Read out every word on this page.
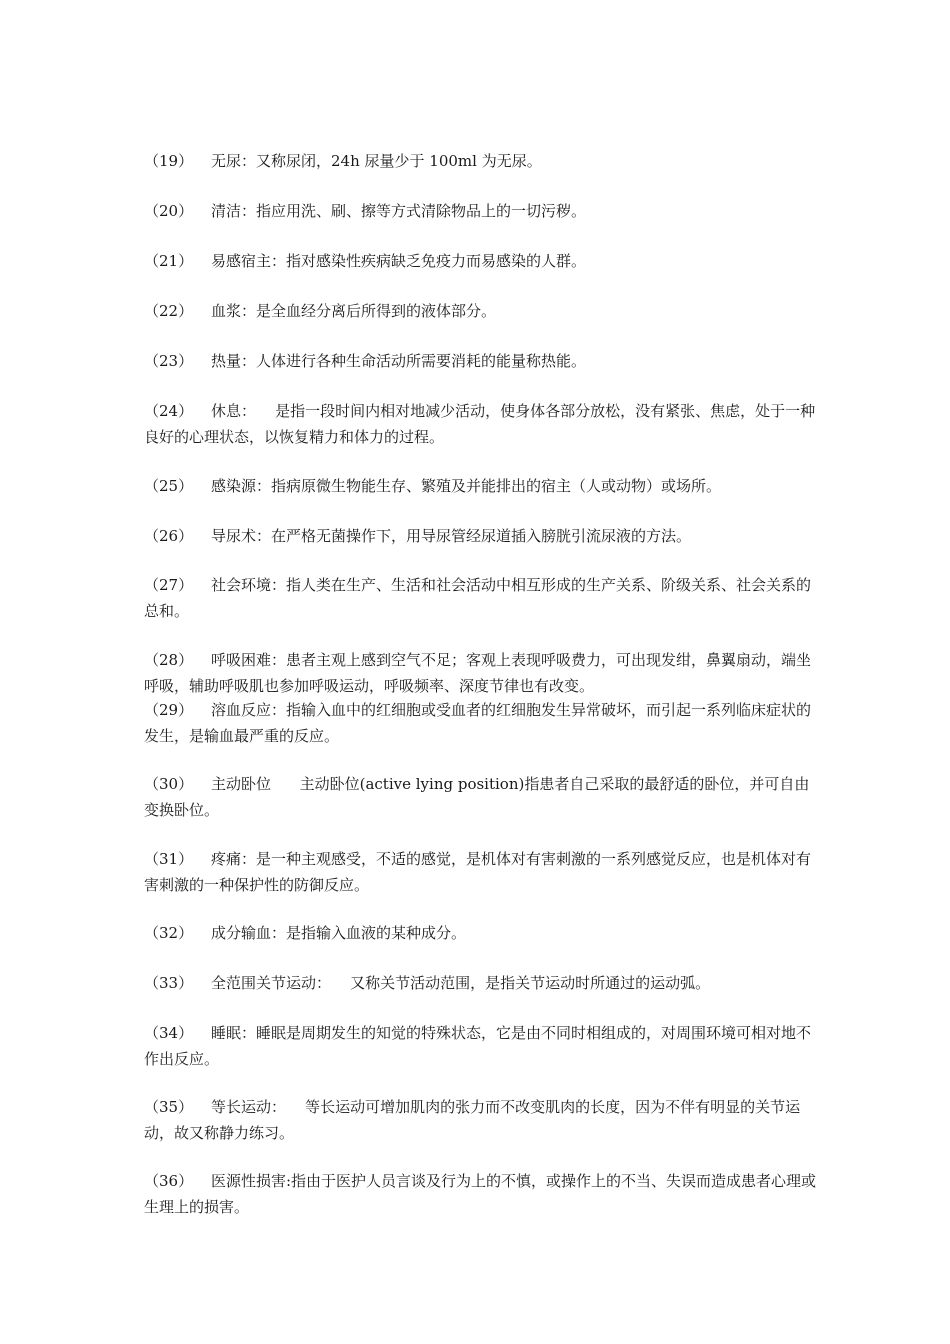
（19） 无尿：又称尿闭，24h 尿量少于 100ml 为无尿。

（20） 清洁：指应用洗、刷、擦等方式清除物品上的一切污秽。

（21） 易感宿主：指对感染性疾病缺乏免疫力而易感染的人群。

（22） 血浆：是全血经分离后所得到的液体部分。

（23） 热量：人体进行各种生命活动所需要消耗的能量称热能。

（24） 休息：    是指一段时间内相对地减少活动，使身体各部分放松，没有紧张、焦虑，处于一种良好的心理状态，以恢复精力和体力的过程。

（25） 感染源：指病原微生物能生存、繁殖及并能排出的宿主（人或动物）或场所。

（26） 导尿术：在严格无菌操作下，用导尿管经尿道插入膀胱引流尿液的方法。

（27） 社会环境：指人类在生产、生活和社会活动中相互形成的生产关系、阶级关系、社会关系的总和。

（28） 呼吸困难：患者主观上感到空气不足；客观上表现呼吸费力，可出现发绀，鼻翼扇动，端坐呼吸，辅助呼吸肌也参加呼吸运动，呼吸频率、深度节律也有改变。

（29） 溶血反应：指输入血中的红细胞或受血者的红细胞发生异常破坏，而引起一系列临床症状的发生，是输血最严重的反应。

（30） 主动卧位      主动卧位(active lying position)指患者自己采取的最舒适的卧位，并可自由变换卧位。

（31） 疼痛：是一种主观感受，不适的感觉，是机体对有害刺激的一系列感觉反应，也是机体对有害刺激的一种保护性的防御反应。

（32） 成分输血：是指输入血液的某种成分。

（33） 全范围关节运动：    又称关节活动范围，是指关节运动时所通过的运动弧。

（34） 睡眠：睡眠是周期发生的知觉的特殊状态，它是由不同时相组成的，对周围环境可相对地不作出反应。

（35） 等长运动：    等长运动可增加肌肉的张力而不改变肌肉的长度，因为不伴有明显的关节运动，故又称静力练习。

（36） 医源性损害:指由于医护人员言谈及行为上的不慎，或操作上的不当、失误而造成患者心理或生理上的损害。
